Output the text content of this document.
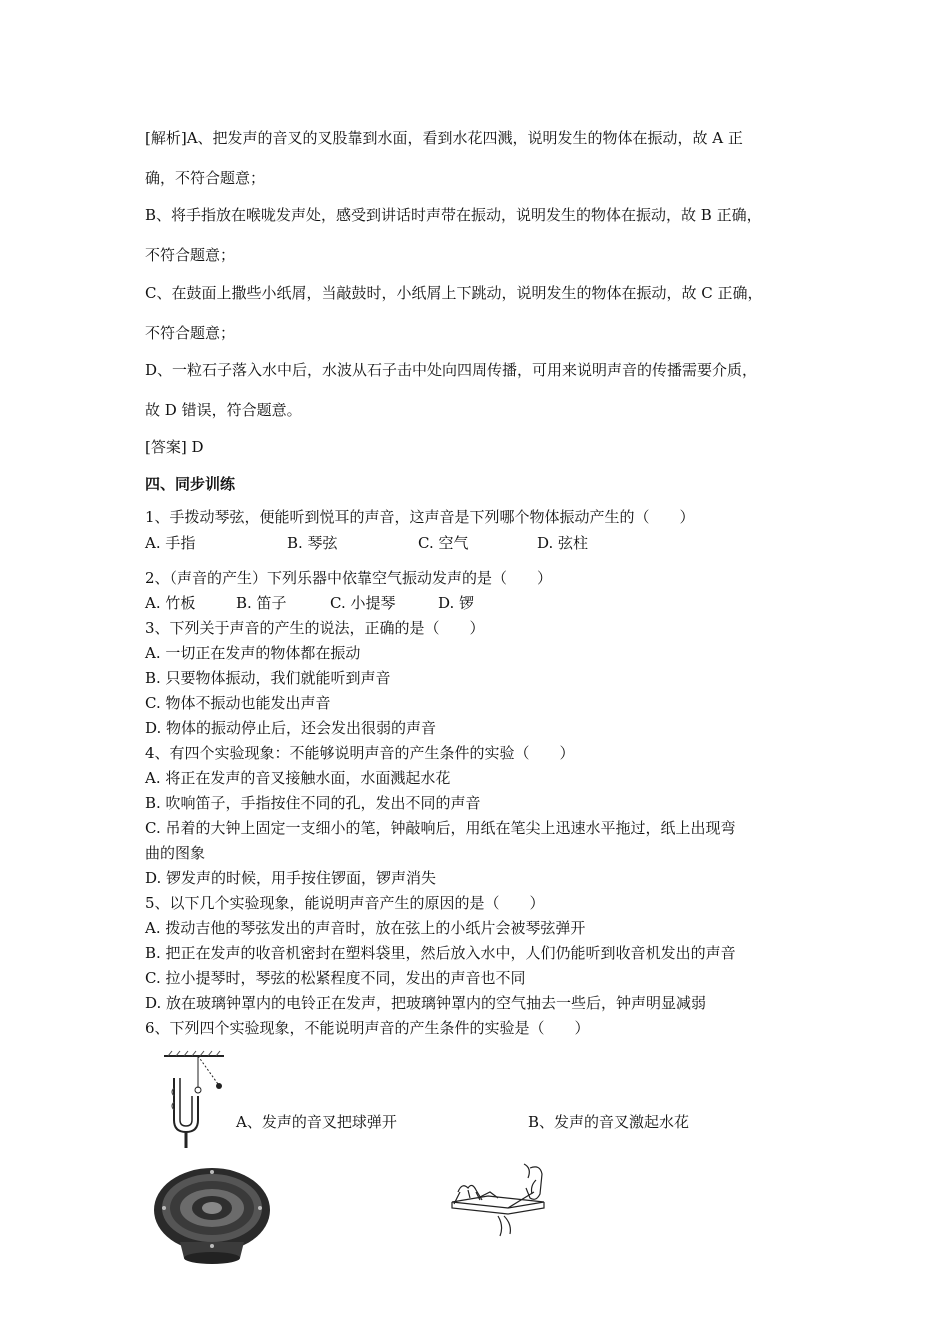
[解析]A、把发声的音叉的叉股靠到水面，看到水花四溅，说明发生的物体在振动，故 A 正
确，不符合题意；
B、将手指放在喉咙发声处，感受到讲话时声带在振动，说明发生的物体在振动，故 B 正确，
不符合题意；
C、在鼓面上撒些小纸屑，当敲鼓时，小纸屑上下跳动，说明发生的物体在振动，故 C 正确，
不符合题意；
D、一粒石子落入水中后，水波从石子击中处向四周传播，可用来说明声音的传播需要介质，
故 D 错误，符合题意。
[答案] D
四、同步训练
1、手拨动琴弦，便能听到悦耳的声音，这声音是下列哪个物体振动产生的（　　）
A. 手指	B. 琴弦	C. 空气	D. 弦柱
2、（声音的产生）下列乐器中依靠空气振动发声的是（　　）
A. 竹板	B. 笛子	C. 小提琴	D. 锣
3、下列关于声音的产生的说法，正确的是（　　）
A. 一切正在发声的物体都在振动
B. 只要物体振动，我们就能听到声音
C. 物体不振动也能发出声音
D. 物体的振动停止后，还会发出很弱的声音
4、有四个实验现象：不能够说明声音的产生条件的实验（　　）
A. 将正在发声的音叉接触水面，水面溅起水花
B. 吹响笛子，手指按住不同的孔，发出不同的声音
C. 吊着的大钟上固定一支细小的笔，钟敲响后，用纸在笔尖上迅速水平拖过，纸上出现弯
曲的图象
D. 锣发声的时候，用手按住锣面，锣声消失
5、以下几个实验现象，能说明声音产生的原因的是（　　）
A. 拨动吉他的琴弦发出的声音时，放在弦上的小纸片会被琴弦弹开
B. 把正在发声的收音机密封在塑料袋里，然后放入水中，人们仍能听到收音机发出的声音
C. 拉小提琴时，琴弦的松紧程度不同，发出的声音也不同
D. 放在玻璃钟罩内的电铃正在发声，把玻璃钟罩内的空气抽去一些后，钟声明显减弱
6、下列四个实验现象，不能说明声音的产生条件的实验是（　　）
A、发声的音叉把球弹开	B、发声的音叉激起水花
